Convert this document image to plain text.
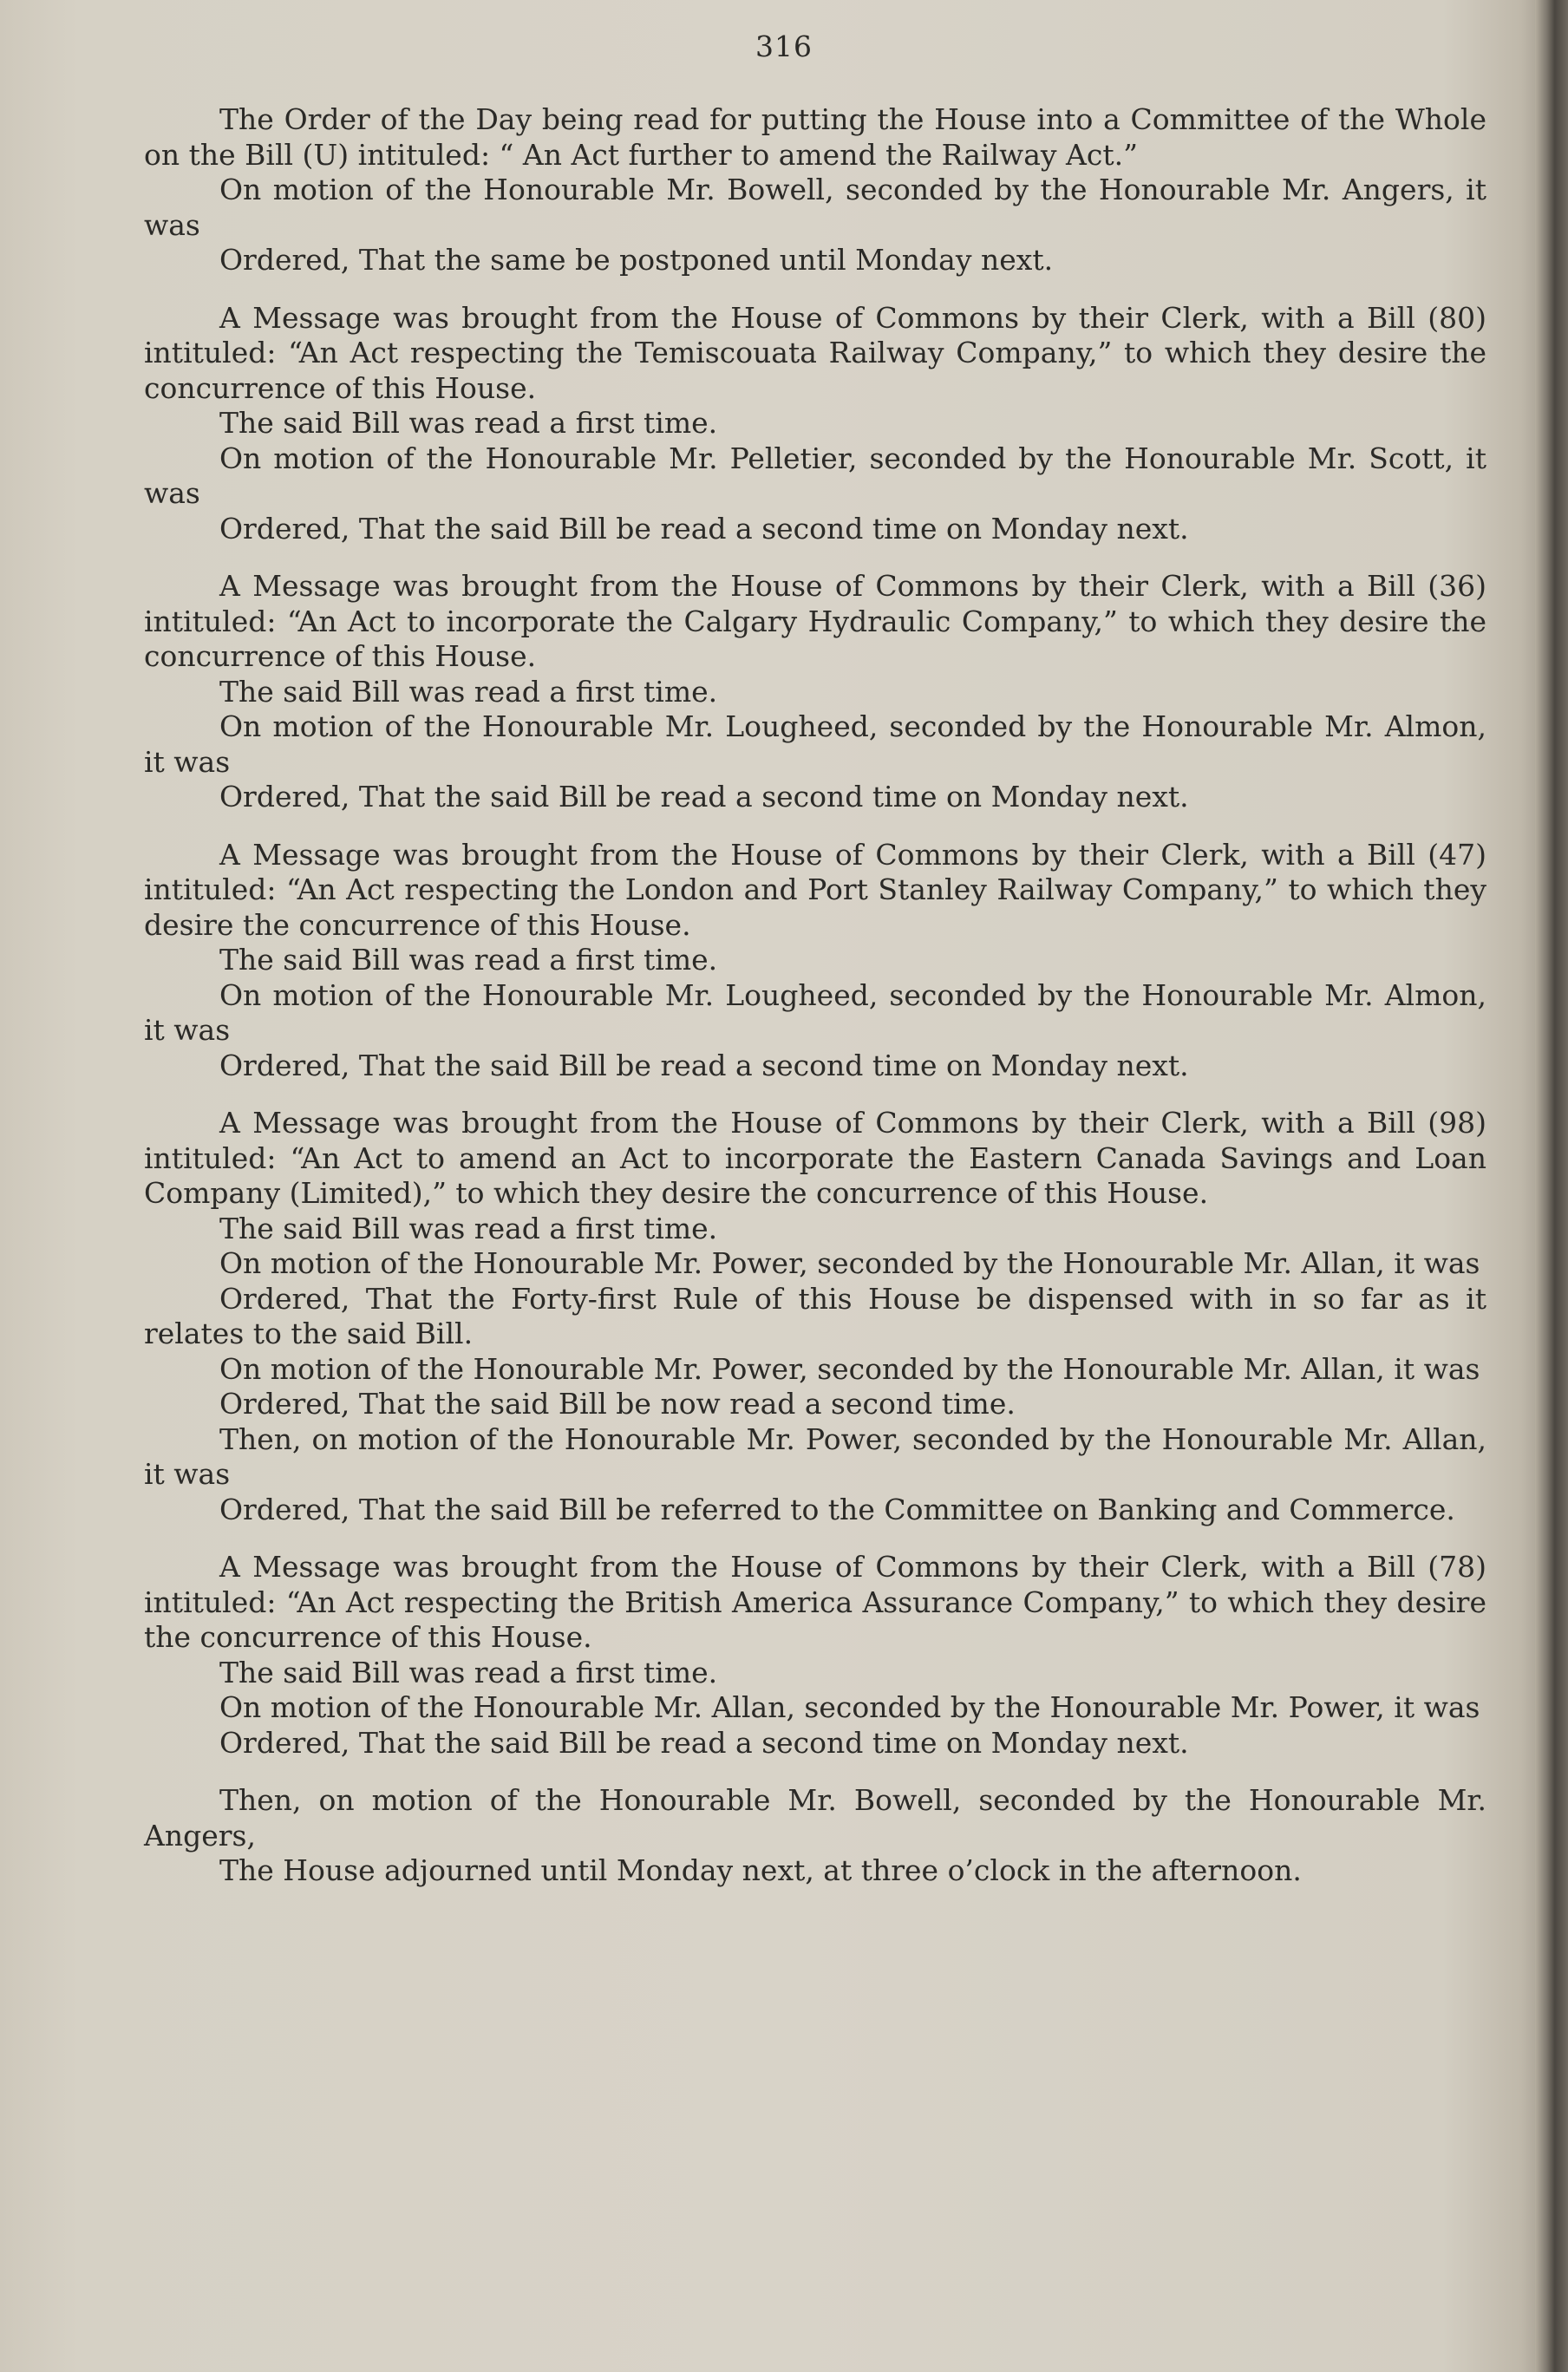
316

The Order of the Day being read for putting the House into a Committee of the Whole on the Bill (U) intituled: “ An Act further to amend the Railway Act.”

On motion of the Honourable Mr. Bowell, seconded by the Honourable Mr. Angers, it was

Ordered, That the same be postponed until Monday next.

A Message was brought from the House of Commons by their Clerk, with a Bill (80) intituled: “An Act respecting the Temiscouata Railway Company,” to which they desire the concurrence of this House.

The said Bill was read a first time.

On motion of the Honourable Mr. Pelletier, seconded by the Honourable Mr. Scott, it was

Ordered, That the said Bill be read a second time on Monday next.

A Message was brought from the House of Commons by their Clerk, with a Bill (36) intituled: “An Act to incorporate the Calgary Hydraulic Company,” to which they desire the concurrence of this House.

The said Bill was read a first time.

On motion of the Honourable Mr. Lougheed, seconded by the Honourable Mr. Almon, it was

Ordered, That the said Bill be read a second time on Monday next.

A Message was brought from the House of Commons by their Clerk, with a Bill (47) intituled: “An Act respecting the London and Port Stanley Railway Company,” to which they desire the concurrence of this House.

The said Bill was read a first time.

On motion of the Honourable Mr. Lougheed, seconded by the Honourable Mr. Almon, it was

Ordered, That the said Bill be read a second time on Monday next.

A Message was brought from the House of Commons by their Clerk, with a Bill (98) intituled: “An Act to amend an Act to incorporate the Eastern Canada Savings and Loan Company (Limited),” to which they desire the concurrence of this House.

The said Bill was read a first time.

On motion of the Honourable Mr. Power, seconded by the Honourable Mr. Allan, it was

Ordered, That the Forty-first Rule of this House be dispensed with in so far as it relates to the said Bill.

On motion of the Honourable Mr. Power, seconded by the Honourable Mr. Allan, it was

Ordered, That the said Bill be now read a second time.

Then, on motion of the Honourable Mr. Power, seconded by the Honourable Mr. Allan, it was

Ordered, That the said Bill be referred to the Committee on Banking and Commerce.

A Message was brought from the House of Commons by their Clerk, with a Bill (78) intituled: “An Act respecting the British America Assurance Company,” to which they desire the concurrence of this House.

The said Bill was read a first time.

On motion of the Honourable Mr. Allan, seconded by the Honourable Mr. Power, it was

Ordered, That the said Bill be read a second time on Monday next.

Then, on motion of the Honourable Mr. Bowell, seconded by the Honourable Mr. Angers,

The House adjourned until Monday next, at three o’clock in the afternoon.
